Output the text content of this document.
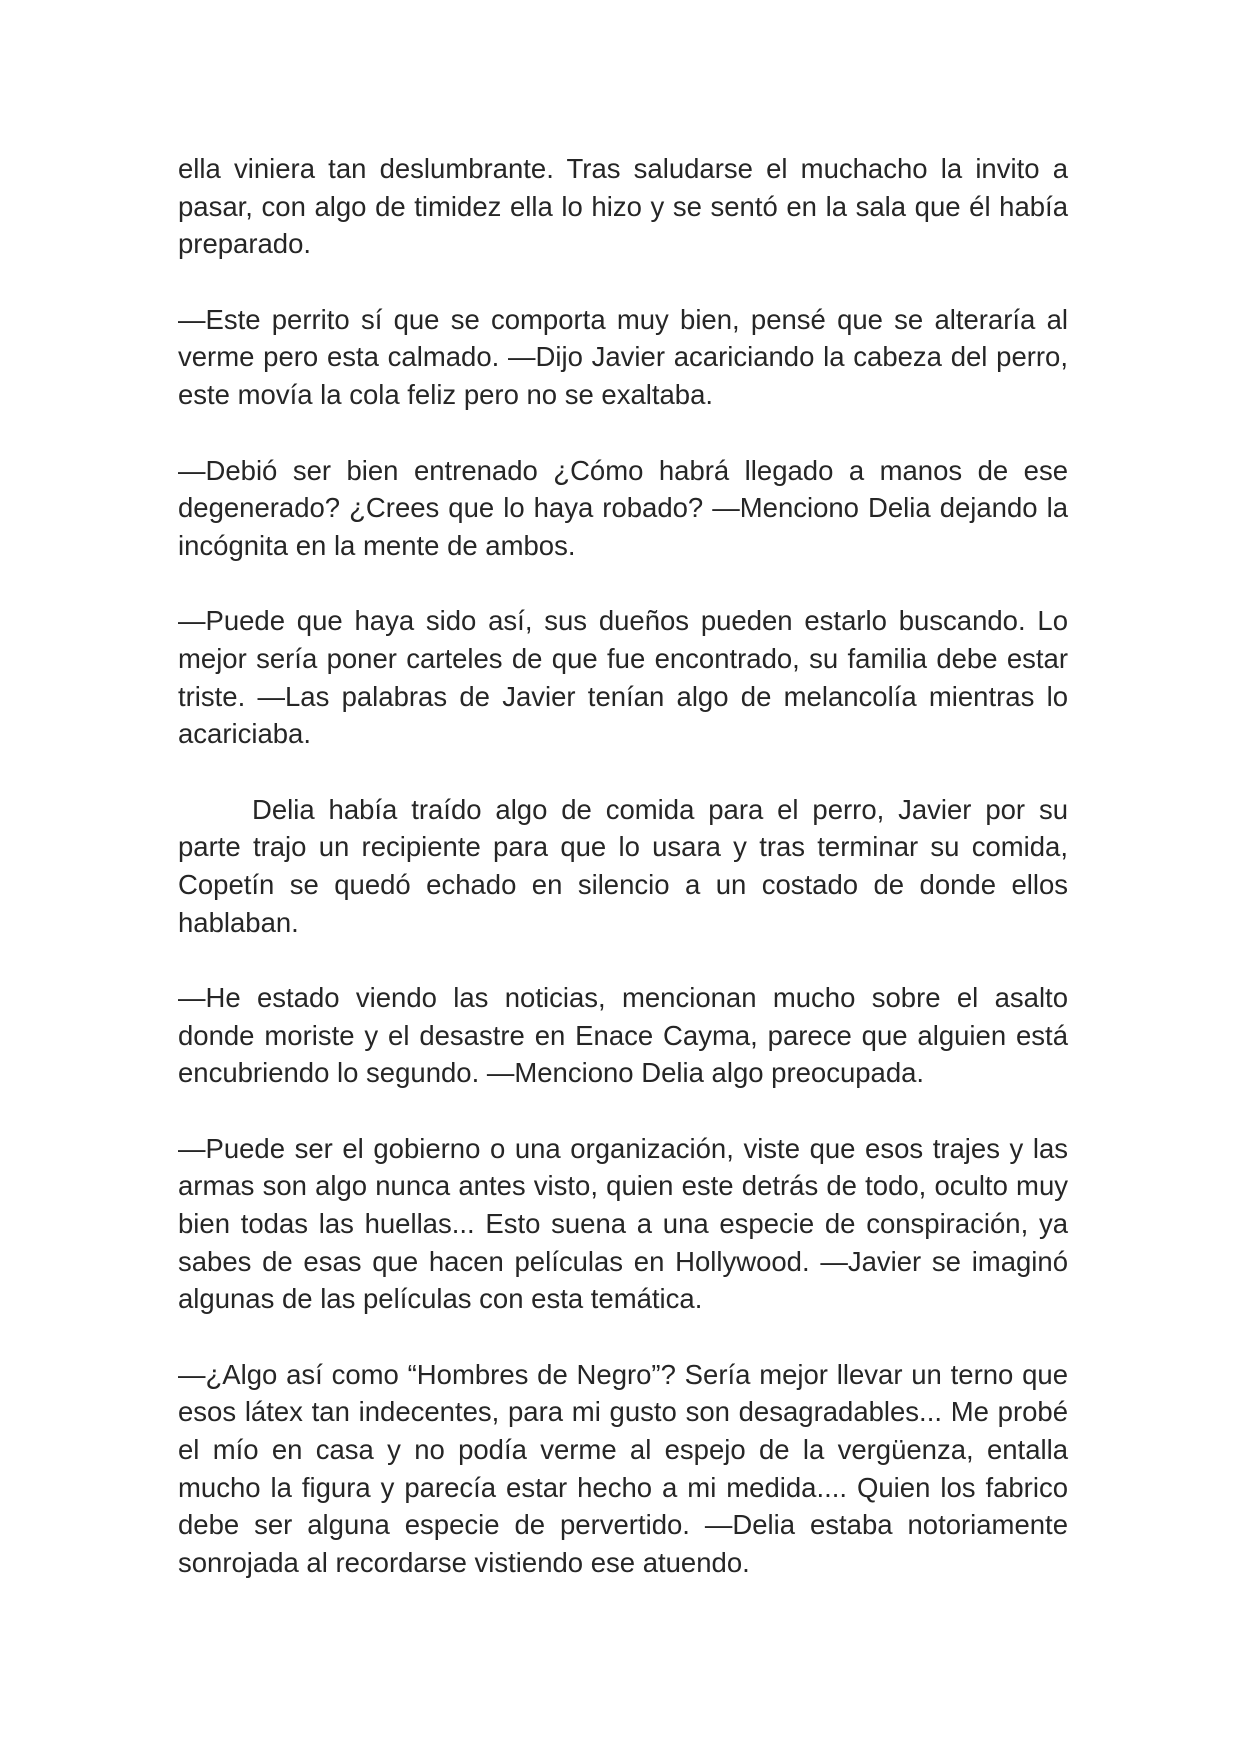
ella viniera tan deslumbrante. Tras saludarse el muchacho la invito a pasar, con algo de timidez ella lo hizo y se sentó en la sala que él había preparado.

—Este perrito sí que se comporta muy bien, pensé que se alteraría al verme pero esta calmado. —Dijo Javier acariciando la cabeza del perro, este movía la cola feliz pero no se exaltaba.

—Debió ser bien entrenado ¿Cómo habrá llegado a manos de ese degenerado? ¿Crees que lo haya robado? —Menciono Delia dejando la incógnita en la mente de ambos.

—Puede que haya sido así, sus dueños pueden estarlo buscando. Lo mejor sería poner carteles de que fue encontrado, su familia debe estar triste. —Las palabras de Javier tenían algo de melancolía mientras lo acariciaba.

Delia había traído algo de comida para el perro, Javier por su parte trajo un recipiente para que lo usara y tras terminar su comida, Copetín se quedó echado en silencio a un costado de donde ellos hablaban.

—He estado viendo las noticias, mencionan mucho sobre el asalto donde moriste y el desastre en Enace Cayma, parece que alguien está encubriendo lo segundo. —Menciono Delia algo preocupada.

—Puede ser el gobierno o una organización, viste que esos trajes y las armas son algo nunca antes visto, quien este detrás de todo, oculto muy bien todas las huellas... Esto suena a una especie de conspiración, ya sabes de esas que hacen películas en Hollywood. —Javier se imaginó algunas de las películas con esta temática.

—¿Algo así como “Hombres de Negro”? Sería mejor llevar un terno que esos látex tan indecentes, para mi gusto son desagradables... Me probé el mío en casa y no podía verme al espejo de la vergüenza, entalla mucho la figura y parecía estar hecho a mi medida.... Quien los fabrico debe ser alguna especie de pervertido. —Delia estaba notoriamente sonrojada al recordarse vistiendo ese atuendo.
